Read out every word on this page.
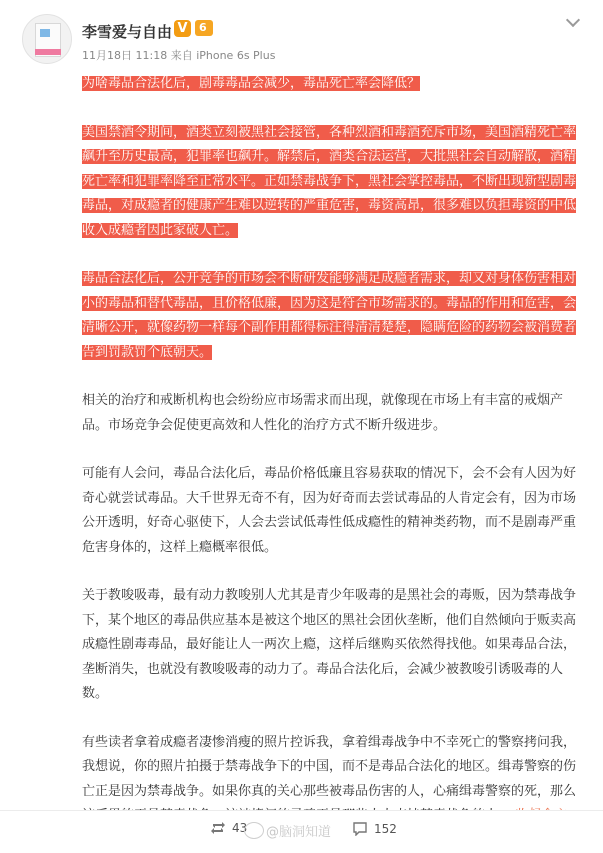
李雪爱与自由 V	6
11月18日 11:18 来自 iPhone 6s Plus
为啥毒品合法化后，剧毒毒品会减少，毒品死亡率会降低？
美国禁酒令期间，酒类立刻被黑社会接管，各种烈酒和毒酒充斥市场，美国酒精死亡率飙升至历史最高，犯罪率也飙升。解禁后，酒类合法运营，大批黑社会自动解散，酒精死亡率和犯罪率降至正常水平。正如禁毒战争下，黑社会掌控毒品，不断出现新型剧毒毒品，对成瘾者的健康产生难以逆转的严重危害，毒资高昂，很多难以负担毒资的中低收入成瘾者因此家破人亡。
毒品合法化后，公开竞争的市场会不断研发能够满足成瘾者需求，却又对身体伤害相对小的毒品和替代毒品，且价格低廉，因为这是符合市场需求的。毒品的作用和危害，会清晰公开，就像药物一样每个副作用都得标注得清清楚楚，隐瞒危险的药物会被消费者告到罚款罚个底朝天。
相关的治疗和戒断机构也会纷纷应市场需求而出现，就像现在市场上有丰富的戒烟产品。市场竞争会促使更高效和人性化的治疗方式不断升级进步。
可能有人会问，毒品合法化后，毒品价格低廉且容易获取的情况下，会不会有人因为好奇心就尝试毒品。大千世界无奇不有，因为好奇而去尝试毒品的人肯定会有，因为市场公开透明，好奇心驱使下，人会去尝试低毒性低成瘾性的精神类药物，而不是剧毒严重危害身体的，这样上瘾概率很低。
关于教唆吸毒，最有动力教唆别人尤其是青少年吸毒的是黑社会的毒贩，因为禁毒战争下，某个地区的毒品供应基本是被这个地区的黑社会团伙垄断，他们自然倾向于贩卖高成瘾性剧毒毒品，最好能让人一两次上瘾，这样后继购买依然得找他。如果毒品合法，垄断消失，也就没有教唆吸毒的动力了。毒品合法化后，会减少被教唆引诱吸毒的人数。
有些读者拿着成瘾者凄惨消瘦的照片控诉我，拿着缉毒战争中不幸死亡的警察拷问我，我想说，你的照片拍摄于禁毒战争下的中国，而不是毒品合法化的地区。缉毒警察的伤亡正是因为禁毒战争。如果你真的关心那些被毒品伤害的人，心痛缉毒警察的死，那么
43 @脑洞知道	152
